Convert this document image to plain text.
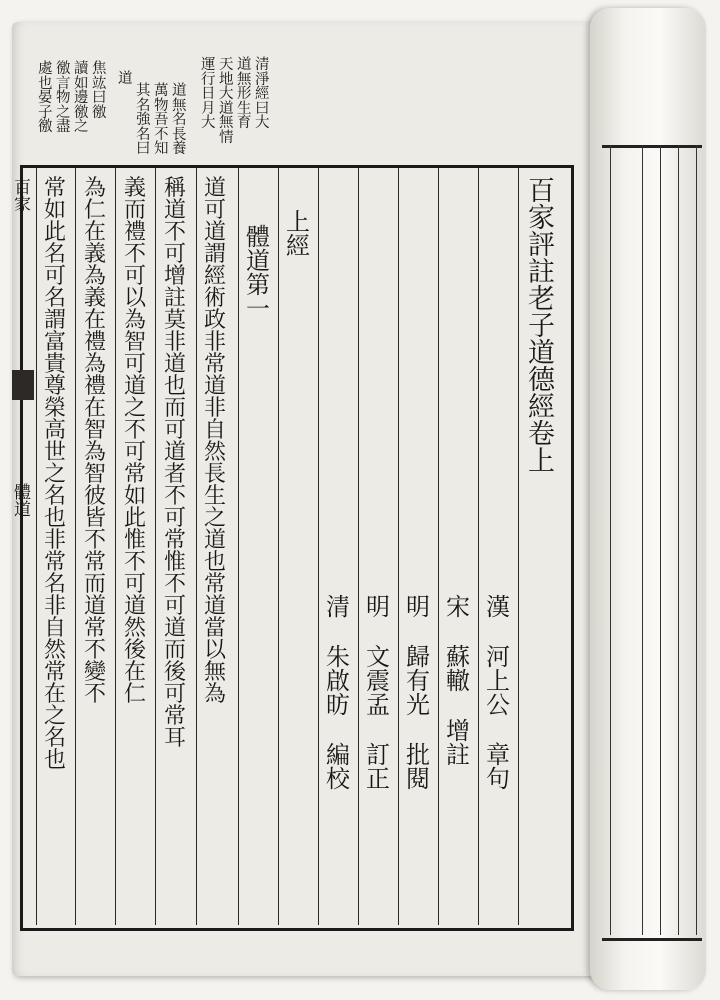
清
淨
經
曰
大
道
無
形
生
育
天
地
大
道
無
情
運
行
日
月
大
道
無
名
長
養
萬
物
吾
不
知
其
名
強
名
曰
道
焦
竑
曰
徼
讀
如
邊
徼
之
徼
言
物
之
盡
處
也
晏
子
徼
百
家
評
註
老
子
道
德
經
卷
上
漢
河
上
公
章
句
宋
蘇
轍
增
註
明
歸
有
光
批
閱
明
文
震
孟
訂
正
清
朱
啟
昉
編
校
上
經
體
道
第
一
道
可
道
謂
經
術
政
非
常
道
非
自
然
長
生
之
道
也
常
道
當
以
無
為
稱
道
不
可
增
註
莫
非
道
也
而
可
道
者
不
可
常
惟
不
可
道
而
後
可
常
耳
義
而
禮
不
可
以
為
智
可
道
之
不
可
常
如
此
惟
不
可
道
然
後
在
仁
為
仁
在
義
為
義
在
禮
為
禮
在
智
為
智
彼
皆
不
常
而
道
常
不
變
不
常
如
此
名
可
名
謂
富
貴
尊
榮
高
世
之
名
也
非
常
名
非
自
然
常
在
之
名
也
百
家
體
道
